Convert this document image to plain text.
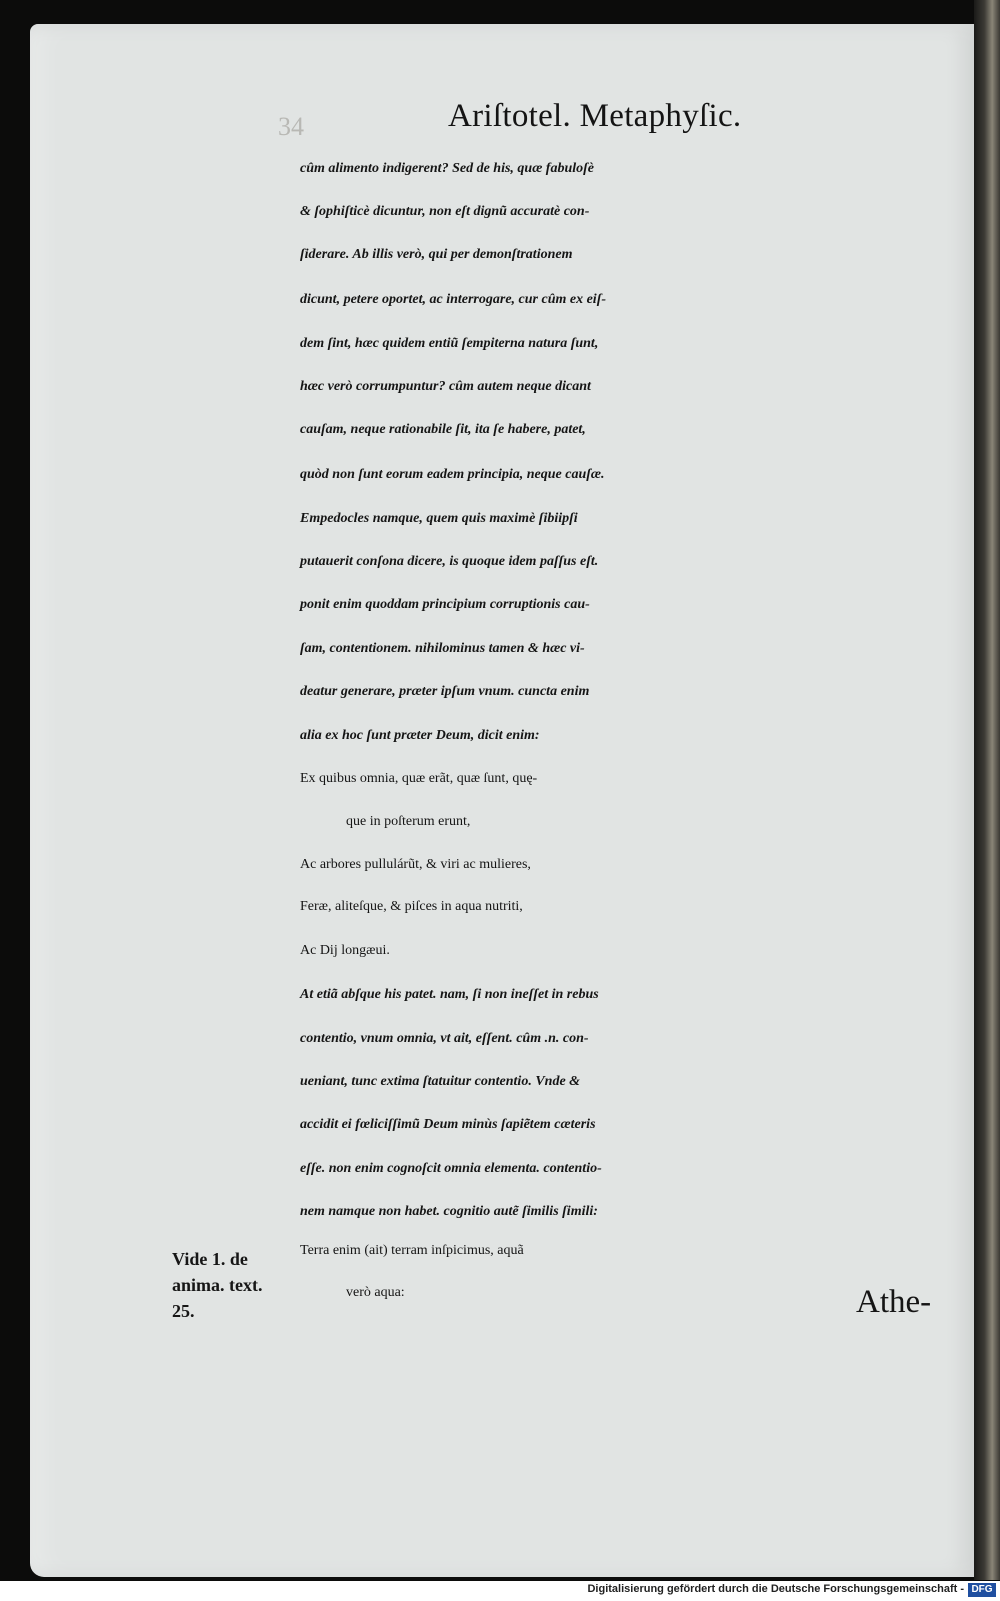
34	Ariſtotel. Metaphyſic.
cûm alimento indigerent? Sed de his, quæ fabuloſè
& ſophiſticè dicuntur, non eſt dignũ accuratè con-
ſiderare. Ab illis verò, qui per demonſtrationem
dicunt, petere oportet, ac interrogare, cur cûm ex eiſ-
dem ſint, hæc quidem entiũ ſempiterna natura ſunt,
hæc verò corrumpuntur? cûm autem neque dicant
cauſam, neque rationabile ſit, ita ſe habere, patet,
quòd non ſunt eorum eadem principia, neque cauſæ.
Empedocles namque, quem quis maximè ſibiipſi
putauerit conſona dicere, is quoque idem paſſus eſt.
ponit enim quoddam principium corruptionis cau-
ſam, contentionem. nihilominus tamen & hæc vi-
deatur generare, præter ipſum vnum. cuncta enim
alia ex hoc ſunt præter Deum, dicit enim:
Ex quibus omnia, quæ erãt, quæ ſunt, quę-
que in poſterum erunt,
Ac arbores pullulárũt, & viri ac mulieres,
Feræ, aliteſque, & piſces in aqua nutriti,
Ac Dij longæui.
At etiã abſque his patet. nam, ſi non ineſſet in rebus
contentio, vnum omnia, vt ait, eſſent. cûm .n. con-
ueniant, tunc extima ſtatuitur contentio. Vnde &
accidit ei fœliciſſimũ Deum minùs ſapiẽtem cæteris
eſſe. non enim cognoſcit omnia elementa. contentio-
nem namque non habet. cognitio autẽ ſimilis ſimili:
Terra enim (ait) terram inſpicimus, aquã
verò aqua:	Athe-
Vide 1. de
anima. text.
25.
Digitalisierung gefördert durch die Deutsche Forschungsgemeinschaft - DFG
